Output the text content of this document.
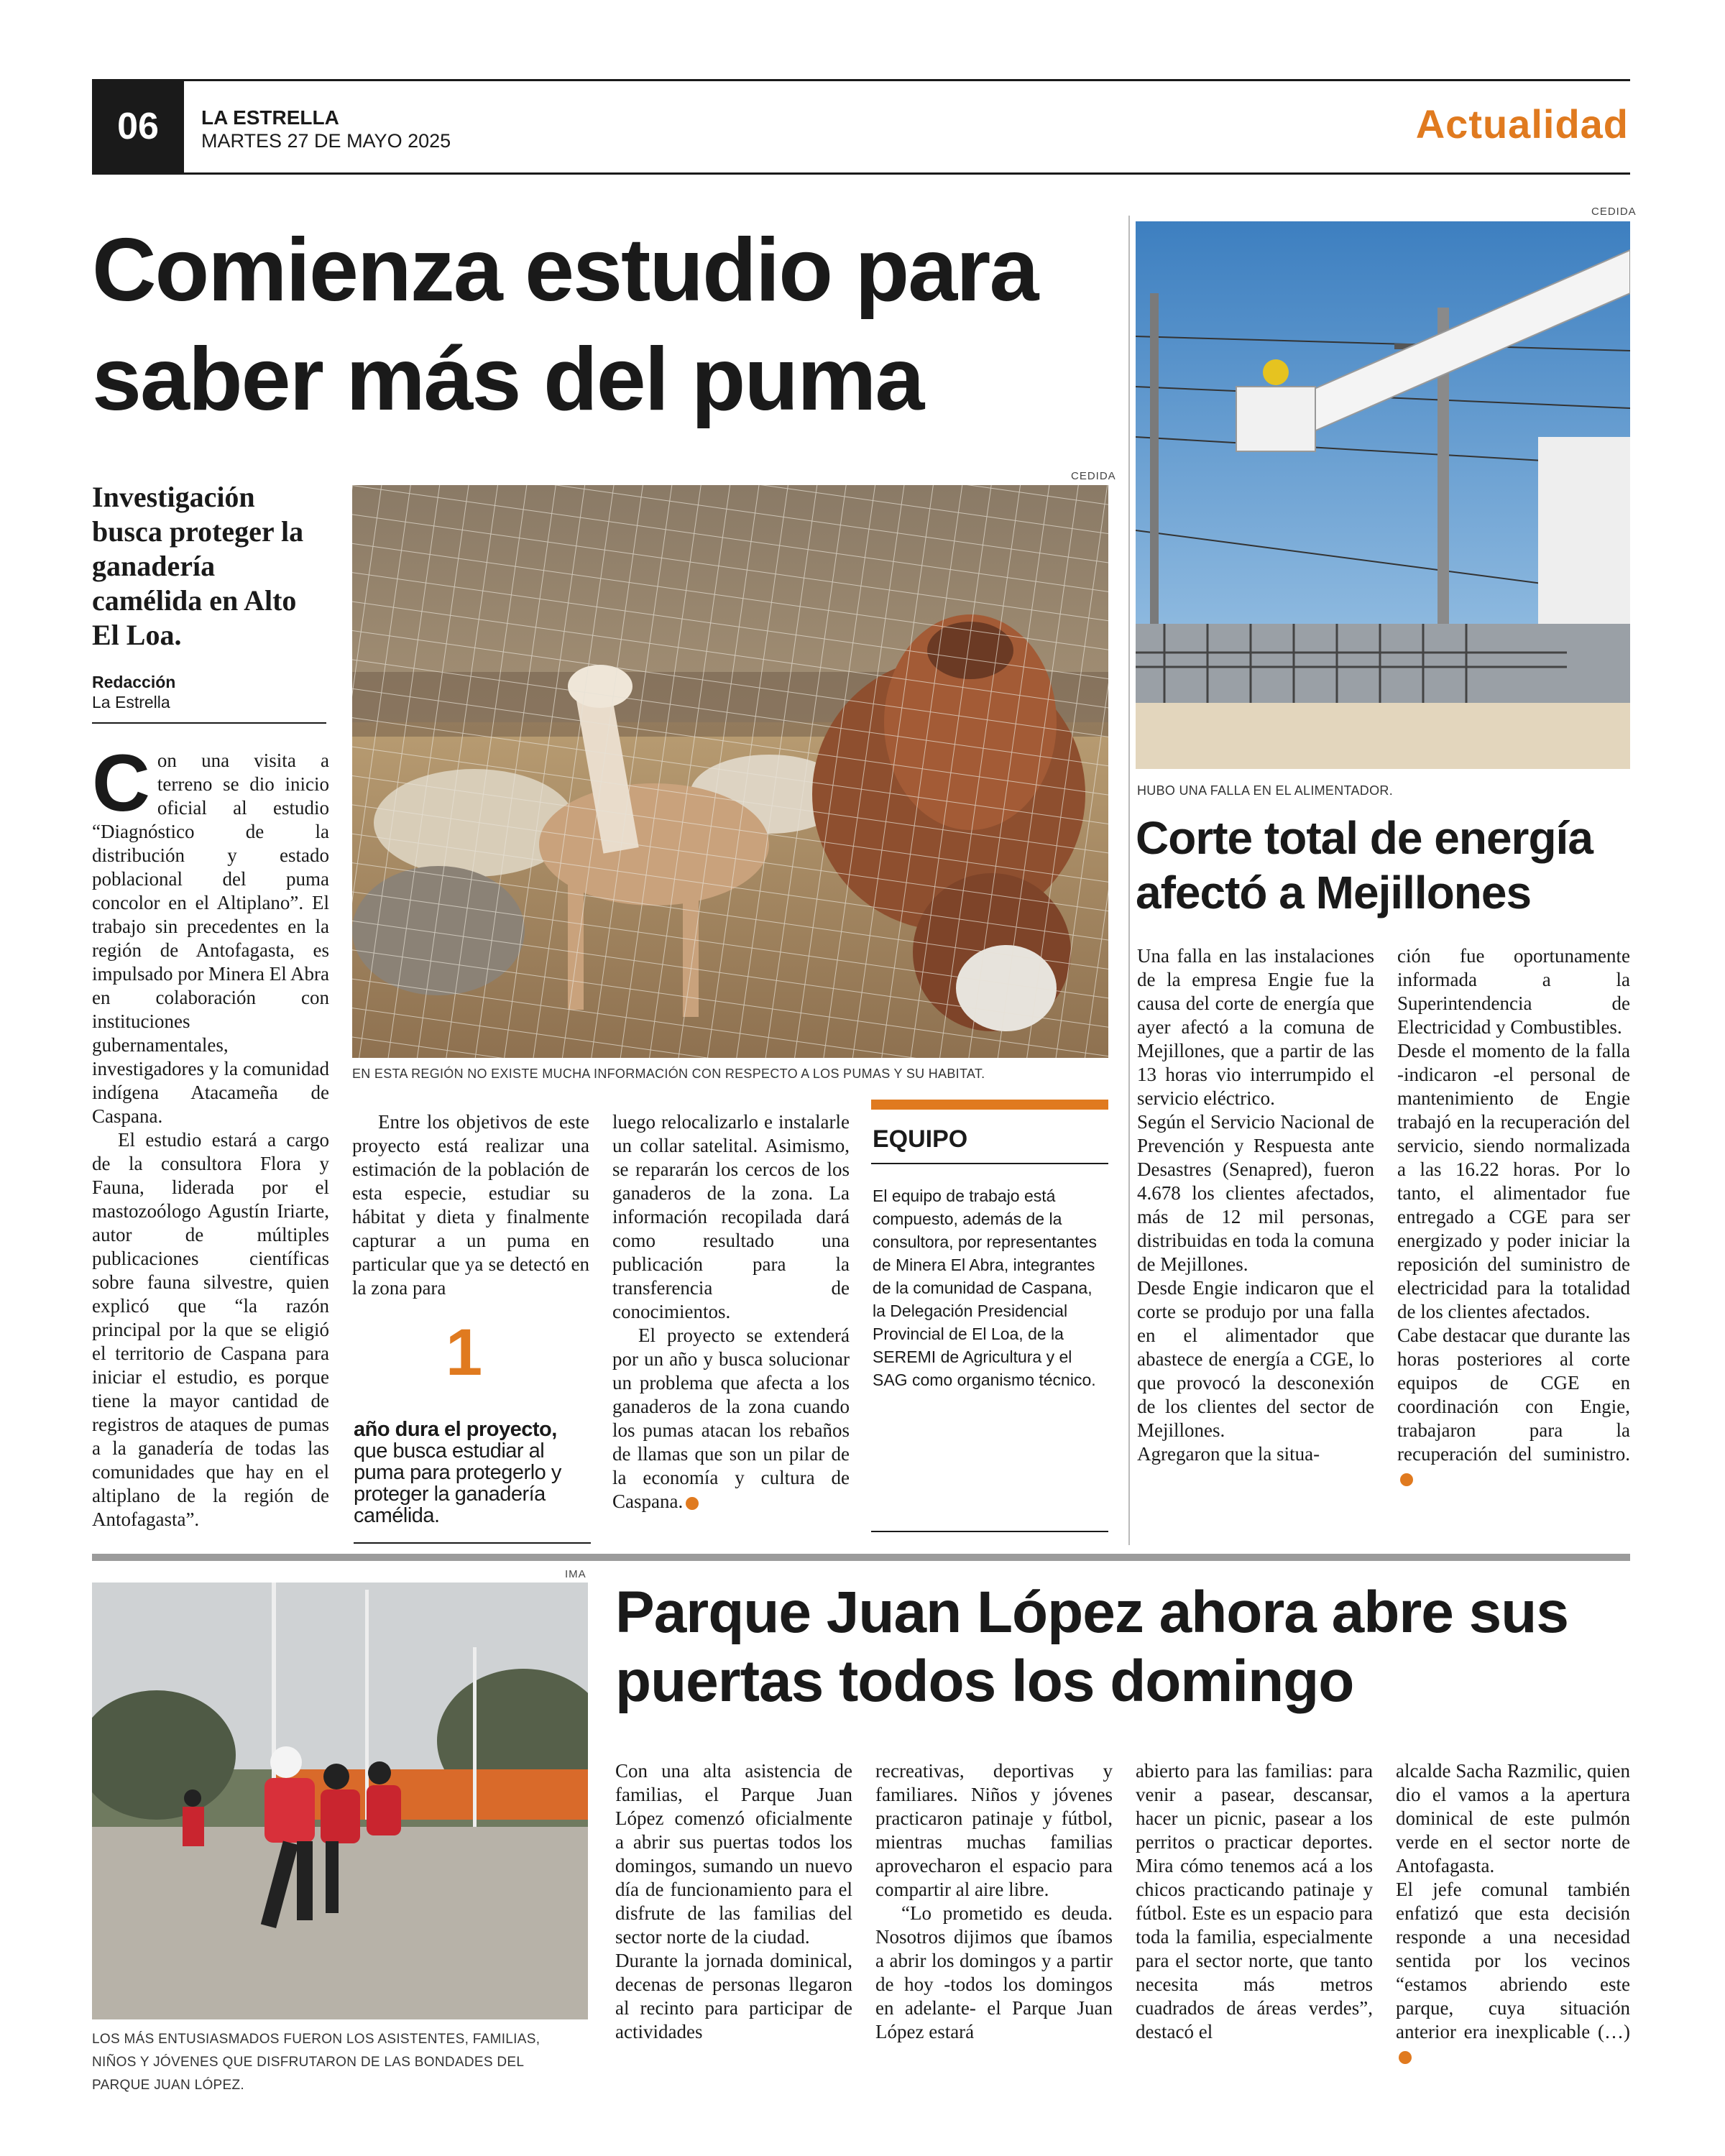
06	LA ESTRELLA
MARTES 27 DE MAYO 2025	Actualidad
Comienza estudio para saber más del puma
Investigación busca proteger la ganadería camélida en Alto El Loa.
Redacción
La Estrella
CEDIDA
EN ESTA REGIÓN NO EXISTE MUCHA INFORMACIÓN CON RESPECTO A LOS PUMAS Y SU HABITAT.

Con una visita a terreno se dio inicio oficial al estudio “Diagnóstico de la distribución y estado poblacional del puma concolor en el Altiplano”. El trabajo sin precedentes en la región de Antofagasta, es impulsado por Minera El Abra en colaboración con instituciones gubernamentales, investigadores y la comunidad indígena Atacameña de Caspana.

El estudio estará a cargo de la consultora Flora y Fauna, liderada por el mastozoólogo Agustín Iriarte, autor de múltiples publicaciones científicas sobre fauna silvestre, quien explicó que “la razón principal por la que se eligió el territorio de Caspana para iniciar el estudio, es porque tiene la mayor cantidad de registros de ataques de pumas a la ganadería de todas las comunidades que hay en el altiplano de la región de Antofagasta”.

Entre los objetivos de este proyecto está realizar una estimación de la población de esta especie, estudiar su hábitat y dieta y finalmente capturar a un puma en particular que ya se detectó en la zona para

1
año dura el proyecto, que busca estudiar al puma para protegerlo y proteger la ganadería camélida.

luego relocalizarlo e instalarle un collar satelital. Asimismo, se repararán los cercos de los ganaderos de la zona. La información recopilada dará como resultado una publicación para la transferencia de conocimientos.

El proyecto se extenderá por un año y busca solucionar un problema que afecta a los ganaderos de la zona cuando los pumas atacan los rebaños de llamas que son un pilar de la economía y cultura de Caspana.

EQUIPO
El equipo de trabajo está compuesto, además de la consultora, por representantes de Minera El Abra, integrantes de la comunidad de Caspana, la Delegación Presidencial Provincial de El Loa, de la SEREMI de Agricultura y el SAG como organismo técnico.
CEDIDA
HUBO UNA FALLA EN EL ALIMENTADOR.
Corte total de energía afectó a Mejillones

Una falla en las instalaciones de la empresa Engie fue la causa del corte de energía que ayer afectó a la comuna de Mejillones, que a partir de las 13 horas vio interrumpido el servicio eléctrico.

Según el Servicio Nacional de Prevención y Respuesta ante Desastres (Senapred), fueron 4.678 los clientes afectados, más de 12 mil personas, distribuidas en toda la comuna de Mejillones.

Desde Engie indicaron que el corte se produjo por una falla en el alimentador que abastece de energía a CGE, lo que provocó la desconexión de los clientes del sector de Mejillones.

Agregaron que la situa-

ción fue oportunamente informada a la Superintendencia de Electricidad y Combustibles.

Desde el momento de la falla -indicaron -el personal de mantenimiento de Engie trabajó en la recuperación del servicio, siendo normalizada a las 16.22 horas. Por lo tanto, el alimentador fue entregado a CGE para ser energizado y poder iniciar la reposición del suministro de electricidad para la totalidad de los clientes afectados.

Cabe destacar que durante las horas posteriores al corte equipos de CGE en coordinación con Engie, trabajaron para la recuperación del suministro.

IMA
LOS MÁS ENTUSIASMADOS FUERON LOS ASISTENTES, FAMILIAS, NIÑOS Y JÓVENES QUE DISFRUTARON DE LAS BONDADES DEL PARQUE JUAN LÓPEZ.
Parque Juan López ahora abre sus puertas todos los domingo

Con una alta asistencia de familias, el Parque Juan López comenzó oficialmente a abrir sus puertas todos los domingos, sumando un nuevo día de funcionamiento para el disfrute de las familias del sector norte de la ciudad.

Durante la jornada dominical, decenas de personas llegaron al recinto para participar de actividades

recreativas, deportivas y familiares. Niños y jóvenes practicaron patinaje y fútbol, mientras muchas familias aprovecharon el espacio para compartir al aire libre.

“Lo prometido es deuda. Nosotros dijimos que íbamos a abrir los domingos y a partir de hoy -todos los domingos en adelante- el Parque Juan López estará

abierto para las familias: para venir a pasear, descansar, hacer un picnic, pasear a los perritos o practicar deportes. Mira cómo tenemos acá a los chicos practicando patinaje y fútbol. Este es un espacio para toda la familia, especialmente para el sector norte, que tanto necesita más metros cuadrados de áreas verdes”, destacó el

alcalde Sacha Razmilic, quien dio el vamos a la apertura dominical de este pulmón verde en el sector norte de Antofagasta.

El jefe comunal también enfatizó que esta decisión responde a una necesidad sentida por los vecinos “estamos abriendo este parque, cuya situación anterior era inexplicable (…)
